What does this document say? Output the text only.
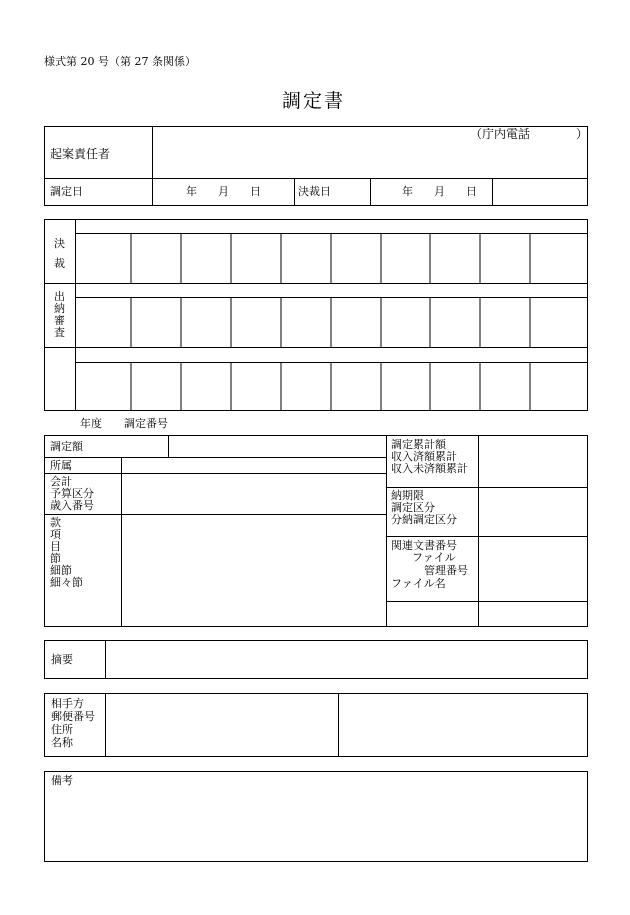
様式第 20 号（第 27 条関係）
調定書
起案責任者
（庁内電話	）
調定日	年 月 日	決裁日	年 月 日
決
裁
出
納
審
査
年度 調定番号
調定額
所属
会計
予算区分
歳入番号
款
項
目
節
細節
細々節
調定累計額
収入済額累計
収入未済額累計
納期限
調定区分
分納調定区分
関連文書番号
ファイル
管理番号
ファイル名
摘要
相手方
郵便番号
住所
名称
備考
